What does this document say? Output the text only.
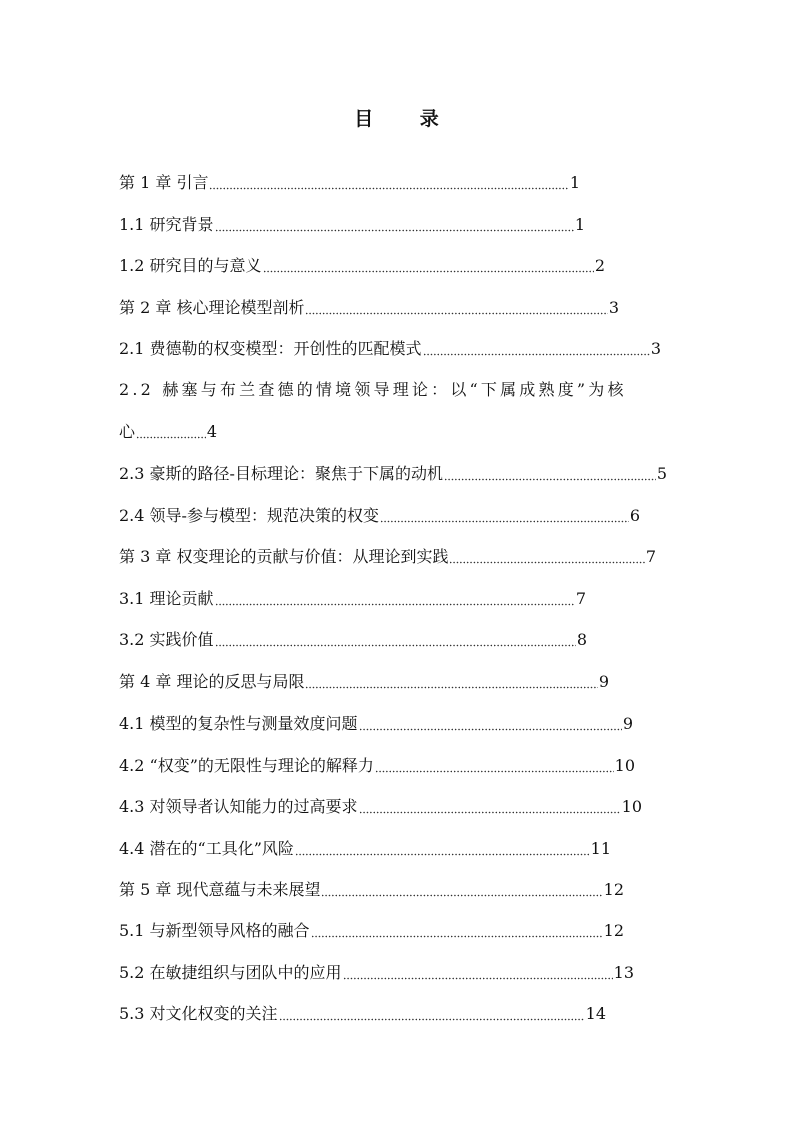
目 录
第 1 章 引言	1
1.1 研究背景	1
1.2 研究目的与意义	2
第 2 章 核心理论模型剖析	3
2.1 费德勒的权变模型：开创性的匹配模式	3
2.2 赫塞与布兰查德的情境领导理论：以“下属成熟度”为核
心	4
2.3 豪斯的路径-目标理论：聚焦于下属的动机	5
2.4 领导-参与模型：规范决策的权变	6
第 3 章 权变理论的贡献与价值：从理论到实践	7
3.1 理论贡献	7
3.2 实践价值	8
第 4 章 理论的反思与局限	9
4.1 模型的复杂性与测量效度问题	9
4.2 “权变”的无限性与理论的解释力	10
4.3 对领导者认知能力的过高要求	10
4.4 潜在的“工具化”风险	11
第 5 章 现代意蕴与未来展望	12
5.1 与新型领导风格的融合	12
5.2 在敏捷组织与团队中的应用	13
5.3 对文化权变的关注	14
